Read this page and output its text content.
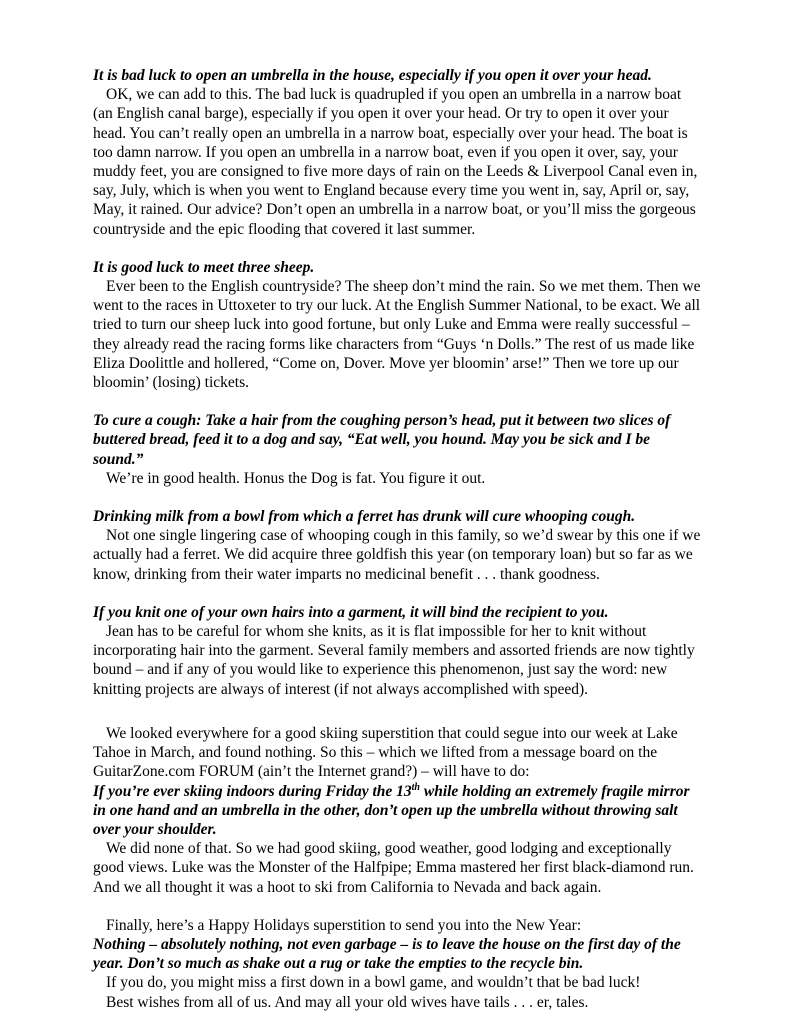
It is bad luck to open an umbrella in the house, especially if you open it over your head.

OK, we can add to this. The bad luck is quadrupled if you open an umbrella in a narrow boat (an English canal barge), especially if you open it over your head. Or try to open it over your head. You can’t really open an umbrella in a narrow boat, especially over your head. The boat is too damn narrow. If you open an umbrella in a narrow boat, even if you open it over, say, your muddy feet, you are consigned to five more days of rain on the Leeds & Liverpool Canal even in, say, July, which is when you went to England because every time you went in, say, April or, say, May, it rained. Our advice? Don’t open an umbrella in a narrow boat, or you’ll miss the gorgeous countryside and the epic flooding that covered it last summer.

It is good luck to meet three sheep.

Ever been to the English countryside? The sheep don’t mind the rain. So we met them. Then we went to the races in Uttoxeter to try our luck. At the English Summer National, to be exact. We all tried to turn our sheep luck into good fortune, but only Luke and Emma were really successful – they already read the racing forms like characters from “Guys ‘n Dolls.” The rest of us made like Eliza Doolittle and hollered, “Come on, Dover. Move yer bloomin’ arse!” Then we tore up our bloomin’ (losing) tickets.

To cure a cough: Take a hair from the coughing person’s head, put it between two slices of buttered bread, feed it to a dog and say, “Eat well, you hound. May you be sick and I be sound.”

We’re in good health. Honus the Dog is fat. You figure it out.

Drinking milk from a bowl from which a ferret has drunk will cure whooping cough.

Not one single lingering case of whooping cough in this family, so we’d swear by this one if we actually had a ferret. We did acquire three goldfish this year (on temporary loan) but so far as we know, drinking from their water imparts no medicinal benefit . . . thank goodness.

If you knit one of your own hairs into a garment, it will bind the recipient to you.

Jean has to be careful for whom she knits, as it is flat impossible for her to knit without incorporating hair into the garment. Several family members and assorted friends are now tightly bound – and if any of you would like to experience this phenomenon, just say the word: new knitting projects are always of interest (if not always accomplished with speed).

We looked everywhere for a good skiing superstition that could segue into our week at Lake Tahoe in March, and found nothing. So this – which we lifted from a message board on the GuitarZone.com FORUM (ain’t the Internet grand?) – will have to do:

If you’re ever skiing indoors during Friday the 13th while holding an extremely fragile mirror in one hand and an umbrella in the other, don’t open up the umbrella without throwing salt over your shoulder.

We did none of that. So we had good skiing, good weather, good lodging and exceptionally good views. Luke was the Monster of the Halfpipe; Emma mastered her first black-diamond run. And we all thought it was a hoot to ski from California to Nevada and back again.

Finally, here’s a Happy Holidays superstition to send you into the New Year:

Nothing – absolutely nothing, not even garbage – is to leave the house on the first day of the year. Don’t so much as shake out a rug or take the empties to the recycle bin.

If you do, you might miss a first down in a bowl game, and wouldn’t that be bad luck!

Best wishes from all of us. And may all your old wives have tails . . . er, tales.
